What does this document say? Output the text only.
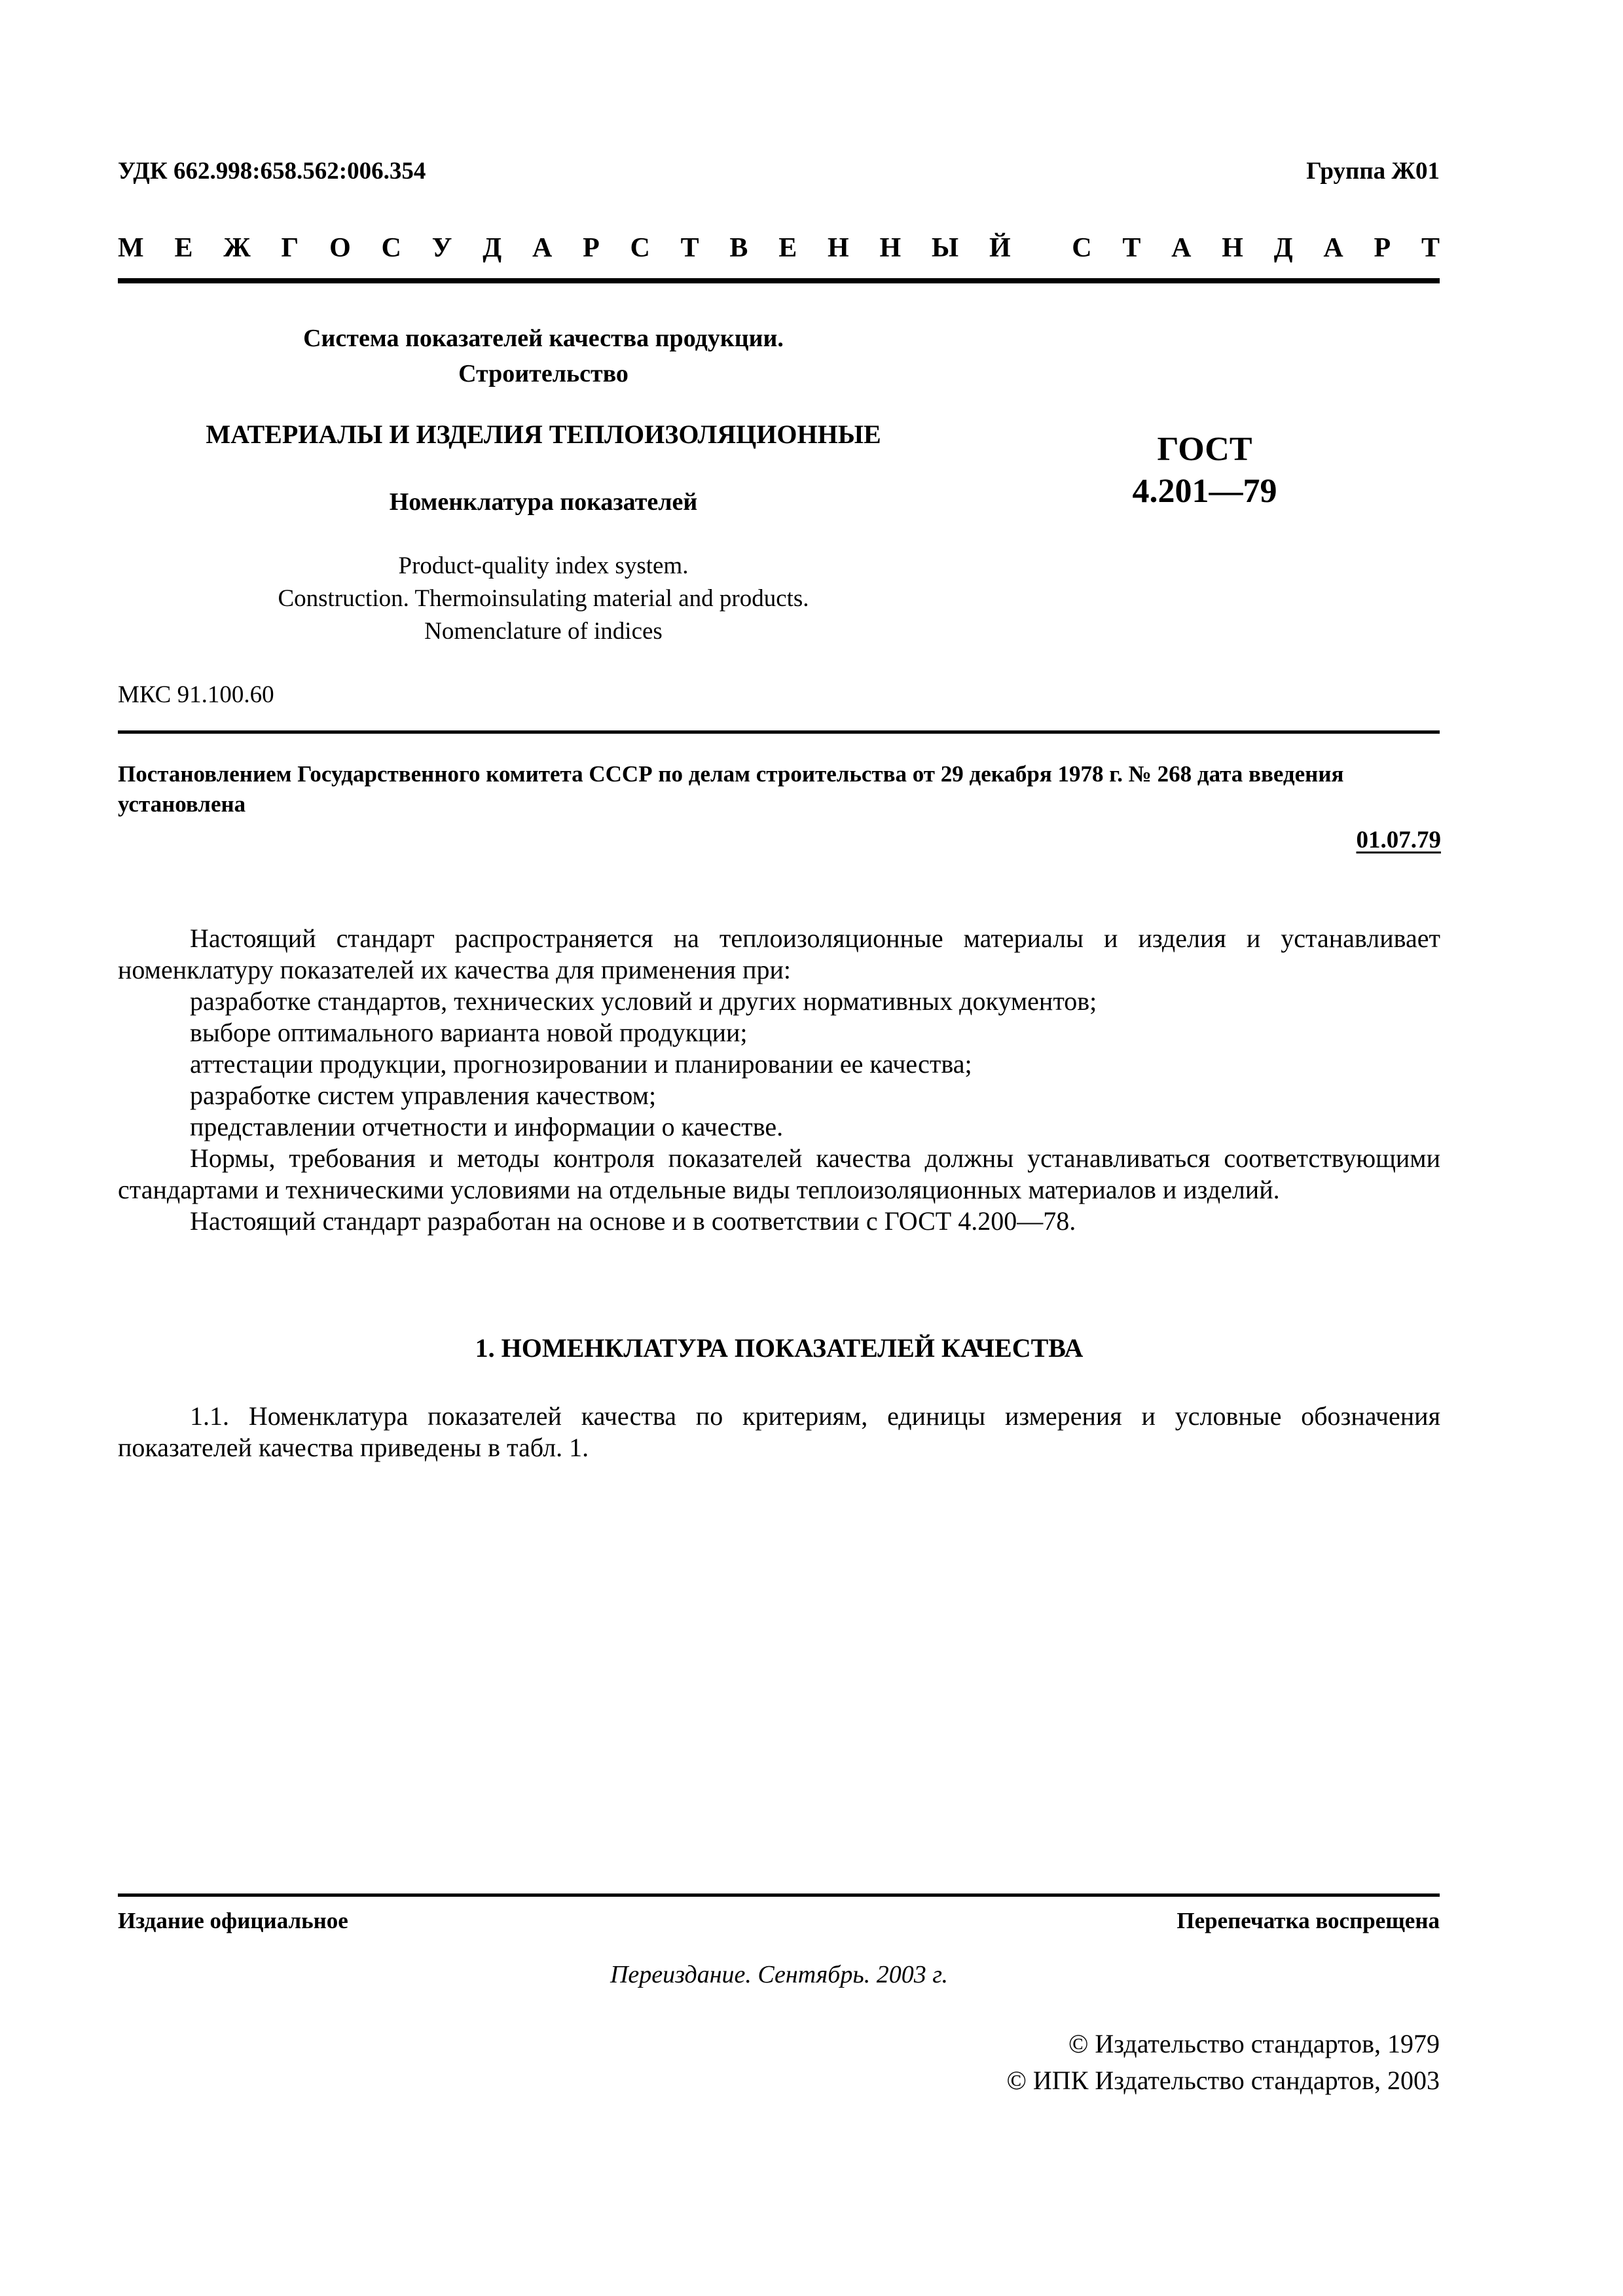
УДК 662.998:658.562:006.354	Группа Ж01
М Е Ж Г О С У Д А Р С Т В Е Н Н Ы Й С Т А Н Д А Р Т
Система показателей качества продукции.
Строительство
МАТЕРИАЛЫ И ИЗДЕЛИЯ ТЕПЛОИЗОЛЯЦИОННЫЕ
Номенклатура показателей
Product-quality index system.
Construction. Thermoinsulating material and products.
Nomenclature of indices
ГОСТ
4.201—79
МКС 91.100.60
Постановлением Государственного комитета СССР по делам строительства от 29 декабря 1978 г. № 268 дата введения установлена
01.07.79

Настоящий стандарт распространяется на теплоизоляционные материалы и изделия и устанавливает номенклатуру показателей их качества для применения при:

разработке стандартов, технических условий и других нормативных документов;

выборе оптимального варианта новой продукции;

аттестации продукции, прогнозировании и планировании ее качества;

разработке систем управления качеством;

представлении отчетности и информации о качестве.

Нормы, требования и методы контроля показателей качества должны устанавливаться соответствующими стандартами и техническими условиями на отдельные виды теплоизоляционных материалов и изделий.

Настоящий стандарт разработан на основе и в соответствии с ГОСТ 4.200—78.

1. НОМЕНКЛАТУРА ПОКАЗАТЕЛЕЙ КАЧЕСТВА

1.1. Номенклатура показателей качества по критериям, единицы измерения и условные обозначения показателей качества приведены в табл. 1.

Издание официальное	Перепечатка воспрещена
Переиздание. Сентябрь. 2003 г.
© Издательство стандартов, 1979
© ИПК Издательство стандартов, 2003
